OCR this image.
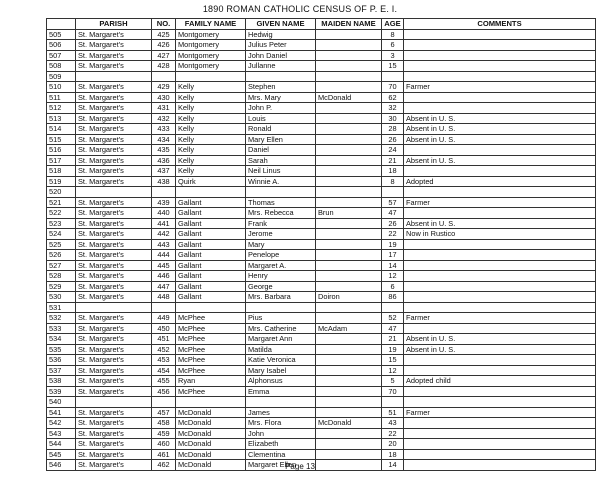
1890 ROMAN CATHOLIC CENSUS OF P. E. I.
	PARISH	NO.	FAMILY NAME	GIVEN NAME	MAIDEN NAME	AGE	COMMENTS
505	St. Margaret's	425	Montgomery	Hedwig		8	
506	St. Margaret's	426	Montgomery	Julius Peter		6	
507	St. Margaret's	427	Montgomery	John Daniel		3	
508	St. Margaret's	428	Montgomery	Jullanne		15	
509							
510	St. Margaret's	429	Kelly	Stephen		70	Farmer
511	St. Margaret's	430	Kelly	Mrs. Mary	McDonald	62	
512	St. Margaret's	431	Kelly	John P.		32	
513	St. Margaret's	432	Kelly	Louis		30	Absent in U. S.
514	St. Margaret's	433	Kelly	Ronald		28	Absent in U. S.
515	St. Margaret's	434	Kelly	Mary Ellen		26	Absent in U. S.
516	St. Margaret's	435	Kelly	Daniel		24	
517	St. Margaret's	436	Kelly	Sarah		21	Absent in U. S.
518	St. Margaret's	437	Kelly	Neil Linus		18	
519	St. Margaret's	438	Quirk	Winnie A.		8	Adopted
520							
521	St. Margaret's	439	Gallant	Thomas		57	Farmer
522	St. Margaret's	440	Gallant	Mrs. Rebecca	Brun	47	
523	St. Margaret's	441	Gallant	Frank		26	Absent in U. S.
524	St. Margaret's	442	Gallant	Jerome		22	Now in Rustico
525	St. Margaret's	443	Gallant	Mary		19	
526	St. Margaret's	444	Gallant	Penelope		17	
527	St. Margaret's	445	Gallant	Margaret A.		14	
528	St. Margaret's	446	Gallant	Henry		12	
529	St. Margaret's	447	Gallant	George		6	
530	St. Margaret's	448	Gallant	Mrs. Barbara	Doiron	86	
531							
532	St. Margaret's	449	McPhee	Pius		52	Farmer
533	St. Margaret's	450	McPhee	Mrs. Catherine	McAdam	47	
534	St. Margaret's	451	McPhee	Margaret Ann		21	Absent in U. S.
535	St. Margaret's	452	McPhee	Matilda		19	Absent in U. S.
536	St. Margaret's	453	McPhee	Katie Veronica		15	
537	St. Margaret's	454	McPhee	Mary Isabel		12	
538	St. Margaret's	455	Ryan	Alphonsus		5	Adopted child
539	St. Margaret's	456	McPhee	Emma		70	
540							
541	St. Margaret's	457	McDonald	James		51	Farmer
542	St. Margaret's	458	McDonald	Mrs. Flora	McDonald	43	
543	St. Margaret's	459	McDonald	John		22	
544	St. Margaret's	460	McDonald	Elizabeth		20	
545	St. Margaret's	461	McDonald	Clementina		18	
546	St. Margaret's	462	McDonald	Margaret Ellen		14	
Page 13
